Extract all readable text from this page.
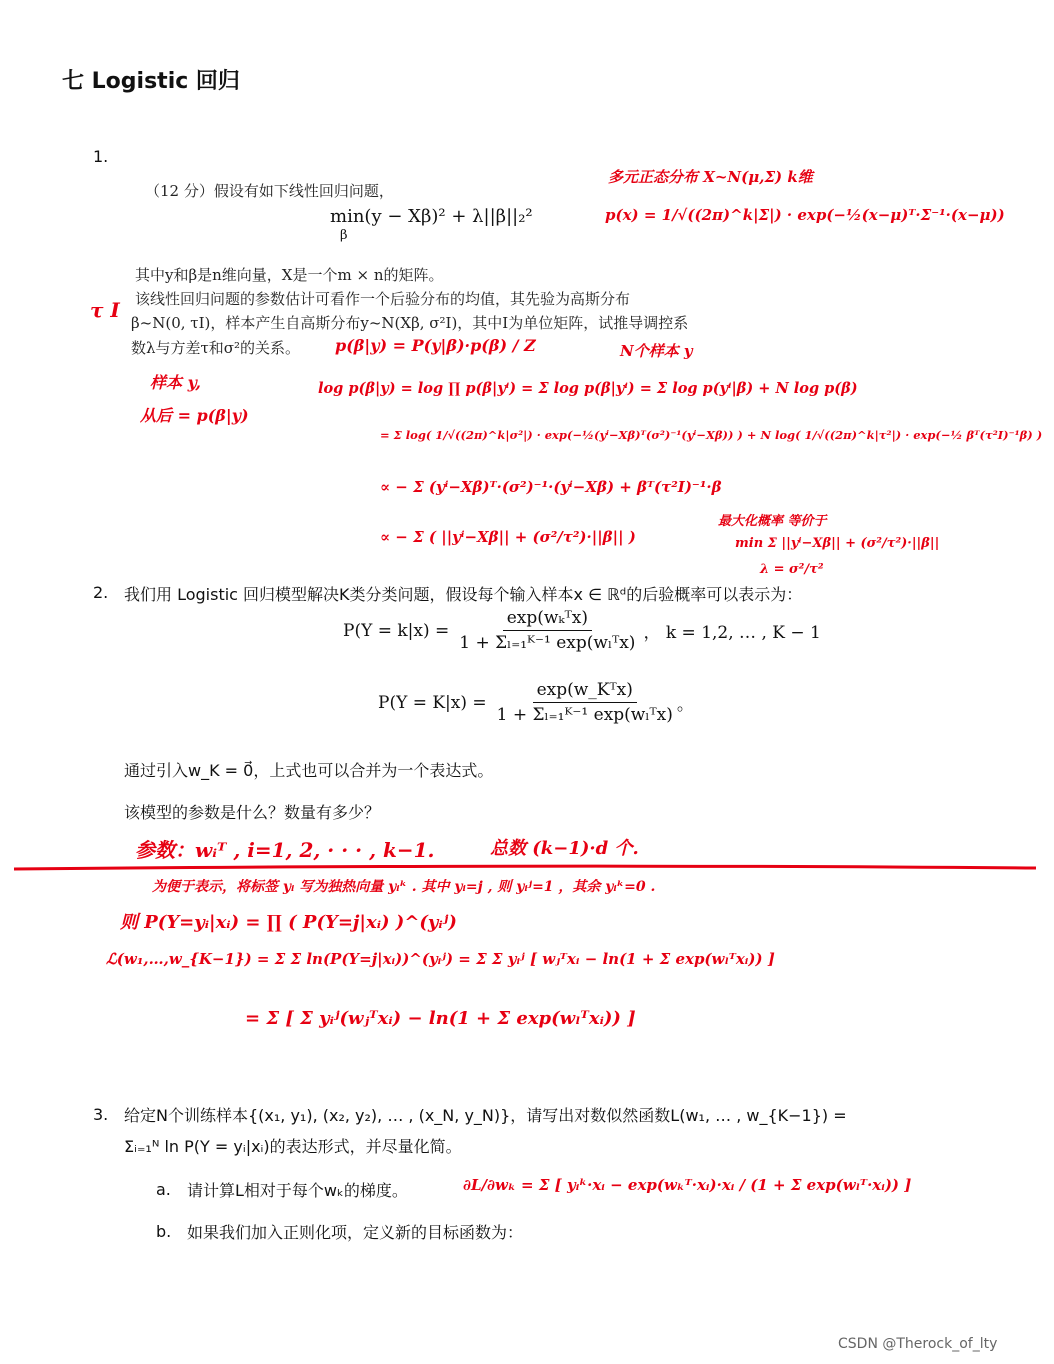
七 Logistic 回归
1.
（12 分）假设有如下线性回归问题，
min(y − Xβ)² + λ||β||₂²
β
其中y和β是n维向量，X是一个m × n的矩阵。
该线性回归问题的参数估计可看作一个后验分布的均值，其先验为高斯分布
β~N(0, τI)，样本产生自高斯分布y~N(Xβ, σ²I)，其中I为单位矩阵，试推导调控系
数λ与方差τ和σ²的关系。
多元正态分布 X~N(μ,Σ) k维
p(x) = 1/√((2π)^k|Σ|) · exp(−½(x−μ)ᵀ·Σ⁻¹·(x−μ))
τ I
p(β|y) = P(y|β)·p(β) / Z	N个样本 y
样本 y,
从后 = p(β|y)
log p(β|y) = log ∏ p(β|yⁱ) = Σ log p(β|yⁱ) = Σ log p(yⁱ|β) + N log p(β)
= Σ log( 1/√((2π)^k|σ²|) · exp(−½(yⁱ−Xβ)ᵀ(σ²)⁻¹(yⁱ−Xβ)) ) + N log( 1/√((2π)^k|τ²|) · exp(−½ βᵀ(τ²I)⁻¹β) )
∝ − Σ (yⁱ−Xβ)ᵀ·(σ²)⁻¹·(yⁱ−Xβ) + βᵀ(τ²I)⁻¹·β
∝ − Σ ( ||yⁱ−Xβ|| + (σ²/τ²)·||β|| )
最大化概率 等价于
min Σ ||yⁱ−Xβ|| + (σ²/τ²)·||β||
λ = σ²/τ²
2. 我们用 Logistic 回归模型解决K类分类问题，假设每个输入样本x ∈ ℝᵈ的后验概率可以表示为：
$P(Y = k|x) = \frac{\text{exp(wₖᵀx)}}{\text{1 + Σₗ₌₁ᴷ⁻¹ exp(wₗᵀx)}}$ ， k = 1,2, … , K − 1
$P(Y = K|x) = \frac{\text{exp(w\_Kᵀx)}}{\text{1 + Σₗ₌₁ᴷ⁻¹ exp(wₗᵀx)}}$ 。
通过引入w_K = 0⃗，上式也可以合并为一个表达式。
该模型的参数是什么？数量有多少？
参数：wᵢᵀ , i=1, 2, · · · , k−1.	总数 (k−1)·d 个.
为便于表示，将标签 yᵢ 写为独热向量 yᵢᵏ . 其中 yᵢ=j , 则 yᵢʲ=1 ，其余 yᵢᵏ=0 .
则 P(Y=yᵢ|xᵢ) = ∏ ( P(Y=j|xᵢ) )^(yᵢʲ)
ℒ(w₁,…,w_{K−1}) = Σ Σ ln(P(Y=j|xᵢ))^(yᵢʲ) = Σ Σ yᵢʲ [ wⱼᵀxᵢ − ln(1 + Σ exp(wₗᵀxᵢ)) ]
= Σ [ Σ yᵢʲ(wⱼᵀxᵢ) − ln(1 + Σ exp(wₗᵀxᵢ)) ]
3. 给定N个训练样本{(x₁, y₁), (x₂, y₂), … , (x_N, y_N)}，请写出对数似然函数L(w₁, … , w_{K−1}) =
Σᵢ₌₁ᴺ ln P(Y = yᵢ|xᵢ)的表达形式，并尽量化简。
a. 请计算L相对于每个wₖ的梯度。	∂L/∂wₖ = Σ [ yᵢᵏ·xᵢ − exp(wₖᵀ·xᵢ)·xᵢ / (1 + Σ exp(wₗᵀ·xᵢ)) ]
b. 如果我们加入正则化项，定义新的目标函数为：
CSDN @Therock_of_lty
